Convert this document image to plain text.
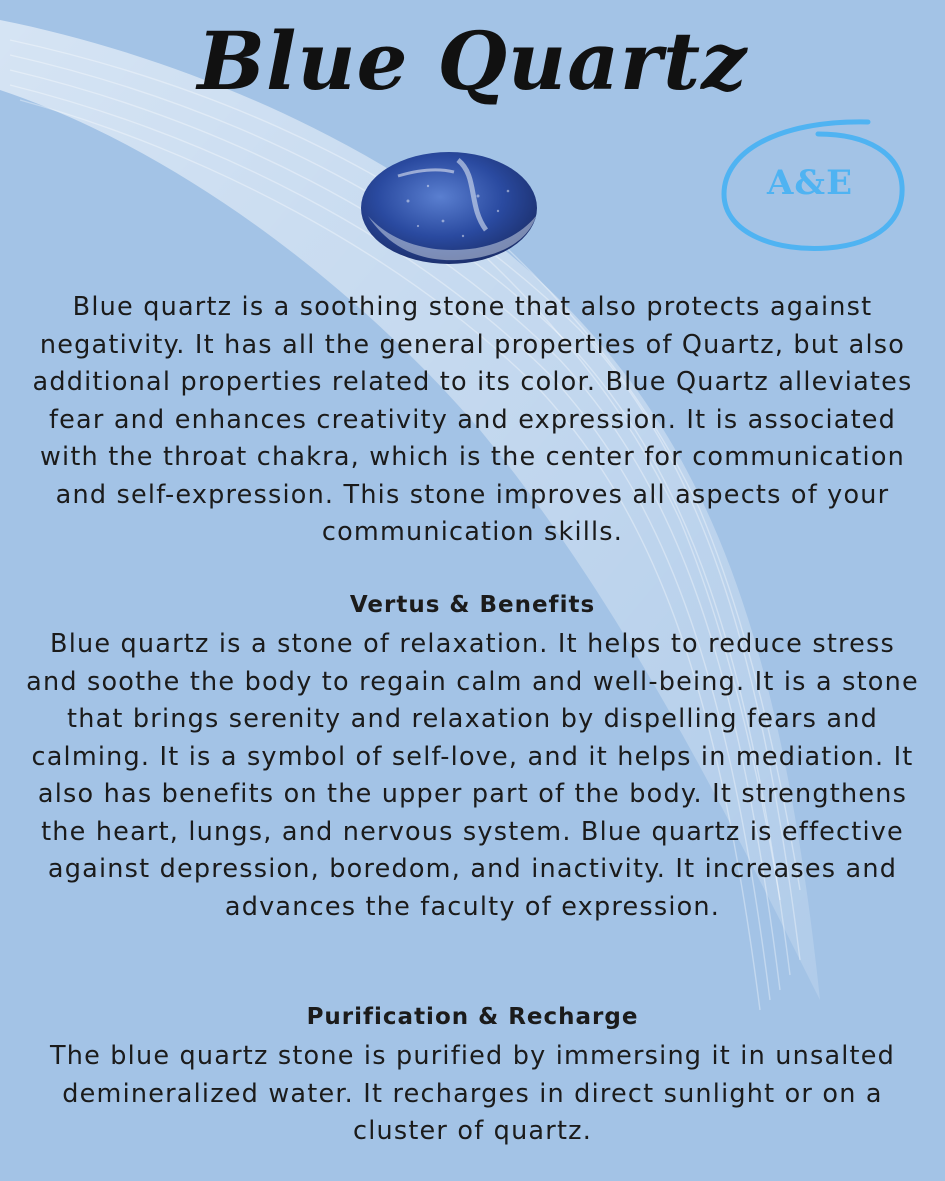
Blue Quartz
A&E

Blue quartz is a soothing stone that also protects against negativity. It has all the general properties of Quartz, but also additional properties related to its color. Blue Quartz alleviates fear and enhances creativity and expression. It is associated with the throat chakra, which is the center for communication and self-expression. This stone improves all aspects of your communication skills.

Vertus & Benefits

Blue quartz is a stone of relaxation. It helps to reduce stress and soothe the body to regain calm and well-being. It is a stone that brings serenity and relaxation by dispelling fears and calming. It is a symbol of self-love, and it helps in mediation. It also has benefits on the upper part of the body. It strengthens the heart, lungs, and nervous system. Blue quartz is effective against depression, boredom, and inactivity. It increases and advances the faculty of expression.

Purification & Recharge

The blue quartz stone is purified by immersing it in unsalted demineralized water. It recharges in direct sunlight or on a cluster of quartz.
